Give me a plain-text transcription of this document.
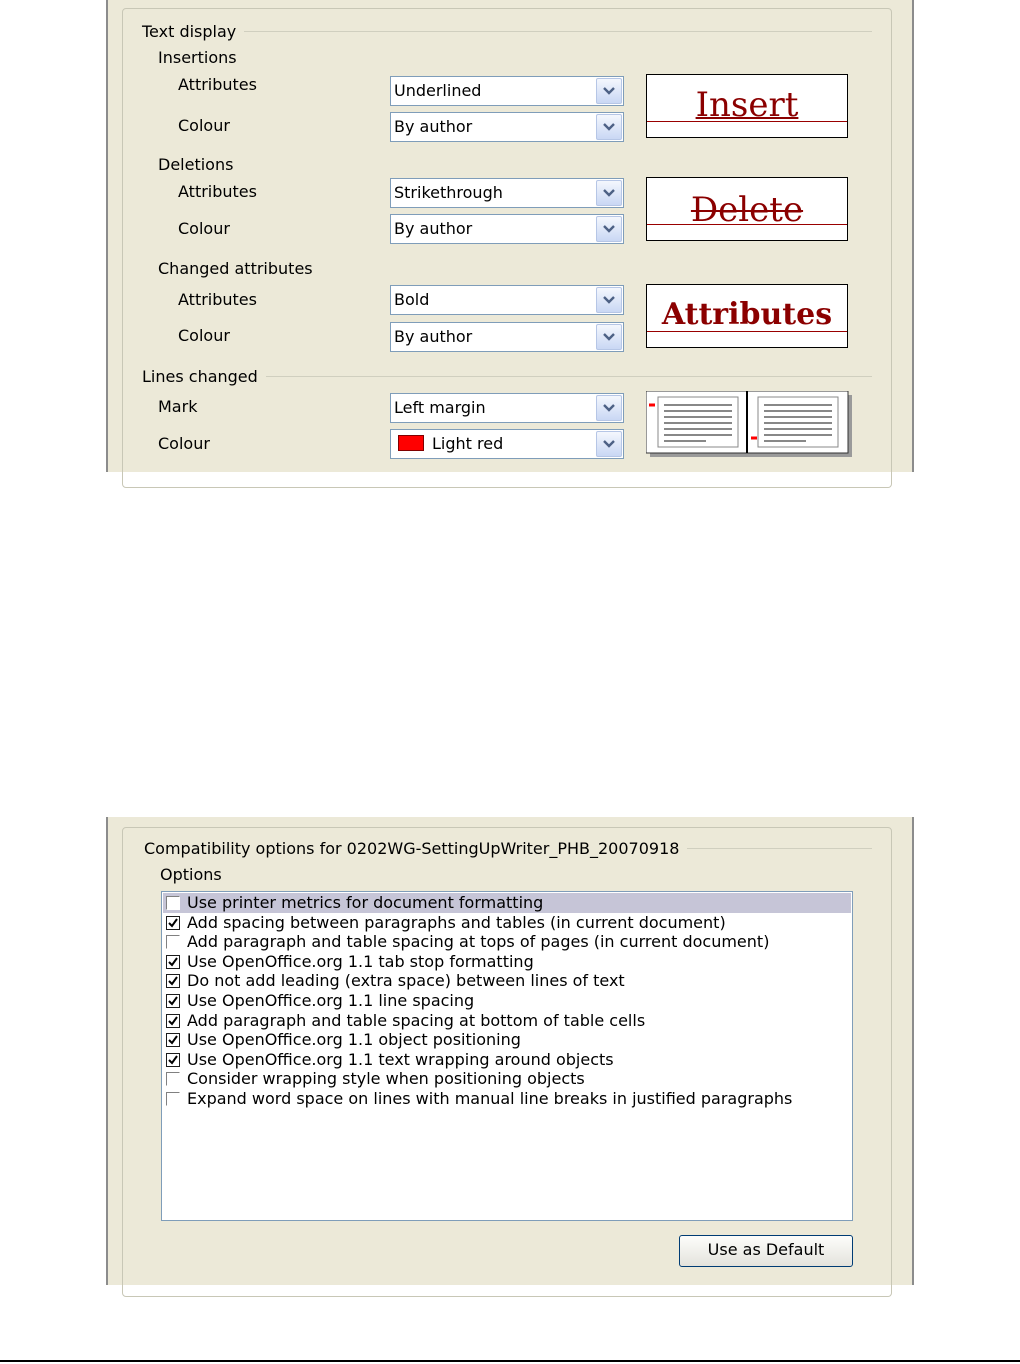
Text display
Insertions
Attributes	Underlined
Colour	By author
Insert
Deletions
Attributes	Strikethrough
Colour	By author	Delete
Changed attributes
Attributes	Bold
Colour	By author
Attributes
Lines changed
Mark	Left margin
Colour	Light red
Compatibility options for 0202WG-SettingUpWriter_PHB_20070918
Options
Use printer metrics for document formatting
Add spacing between paragraphs and tables (in current document)
Add paragraph and table spacing at tops of pages (in current document)
Use OpenOffice.org 1.1 tab stop formatting
Do not add leading (extra space) between lines of text
Use OpenOffice.org 1.1 line spacing
Add paragraph and table spacing at bottom of table cells
Use OpenOffice.org 1.1 object positioning
Use OpenOffice.org 1.1 text wrapping around objects
Consider wrapping style when positioning objects
Expand word space on lines with manual line breaks in justified paragraphs
Use as Default
